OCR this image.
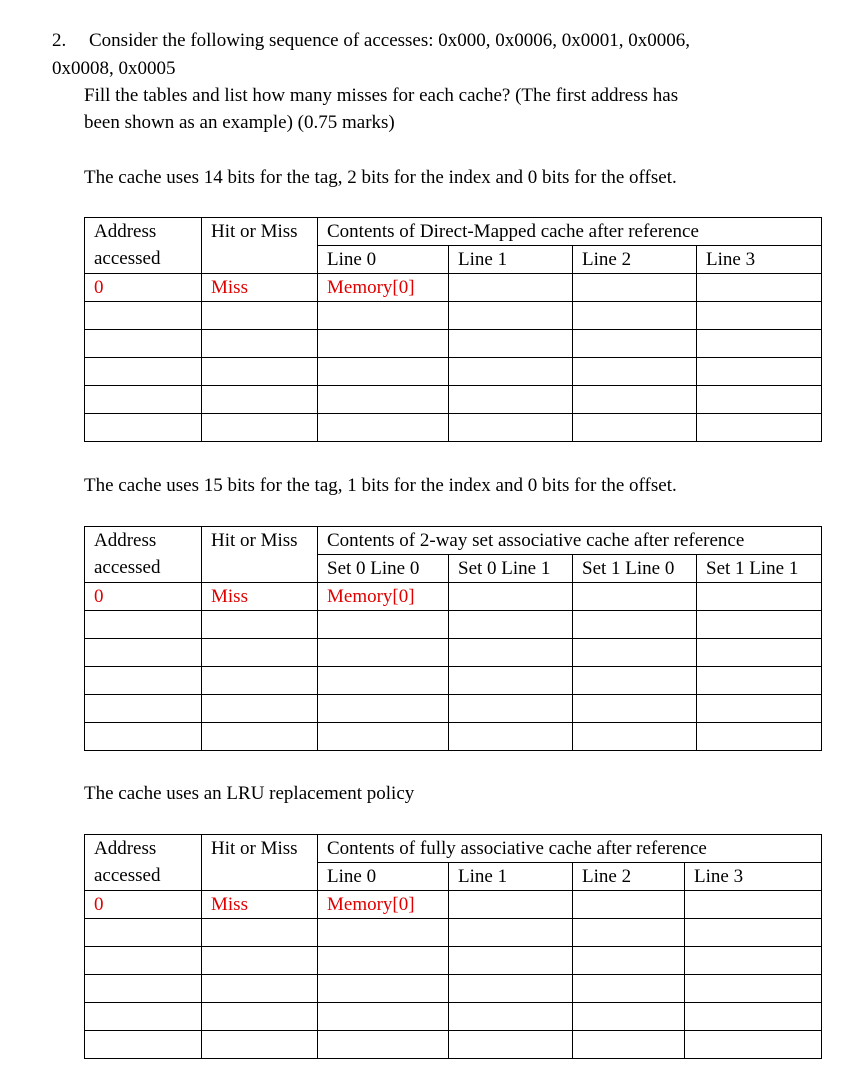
2. Consider the following sequence of accesses: 0x000, 0x0006, 0x0001, 0x0006,
0x0008, 0x0005
Fill the tables and list how many misses for each cache? (The first address has
been shown as an example) (0.75 marks)
The cache uses 14 bits for the tag, 2 bits for the index and 0 bits for the offset.
Address	Hit or Miss	Contents of Direct-Mapped cache after reference			
accessed		Line 0	Line 1	Line 2	Line 3
0	Miss	Memory[0]			

The cache uses 15 bits for the tag, 1 bits for the index and 0 bits for the offset.
Address	Hit or Miss	Contents of 2-way set associative cache after reference			
accessed		Set 0 Line 0	Set 0 Line 1	Set 1 Line 0	Set 1 Line 1
0	Miss	Memory[0]			

The cache uses an LRU replacement policy
Address	Hit or Miss	Contents of fully associative cache after reference			
accessed		Line 0	Line 1	Line 2	Line 3
0	Miss	Memory[0]			
